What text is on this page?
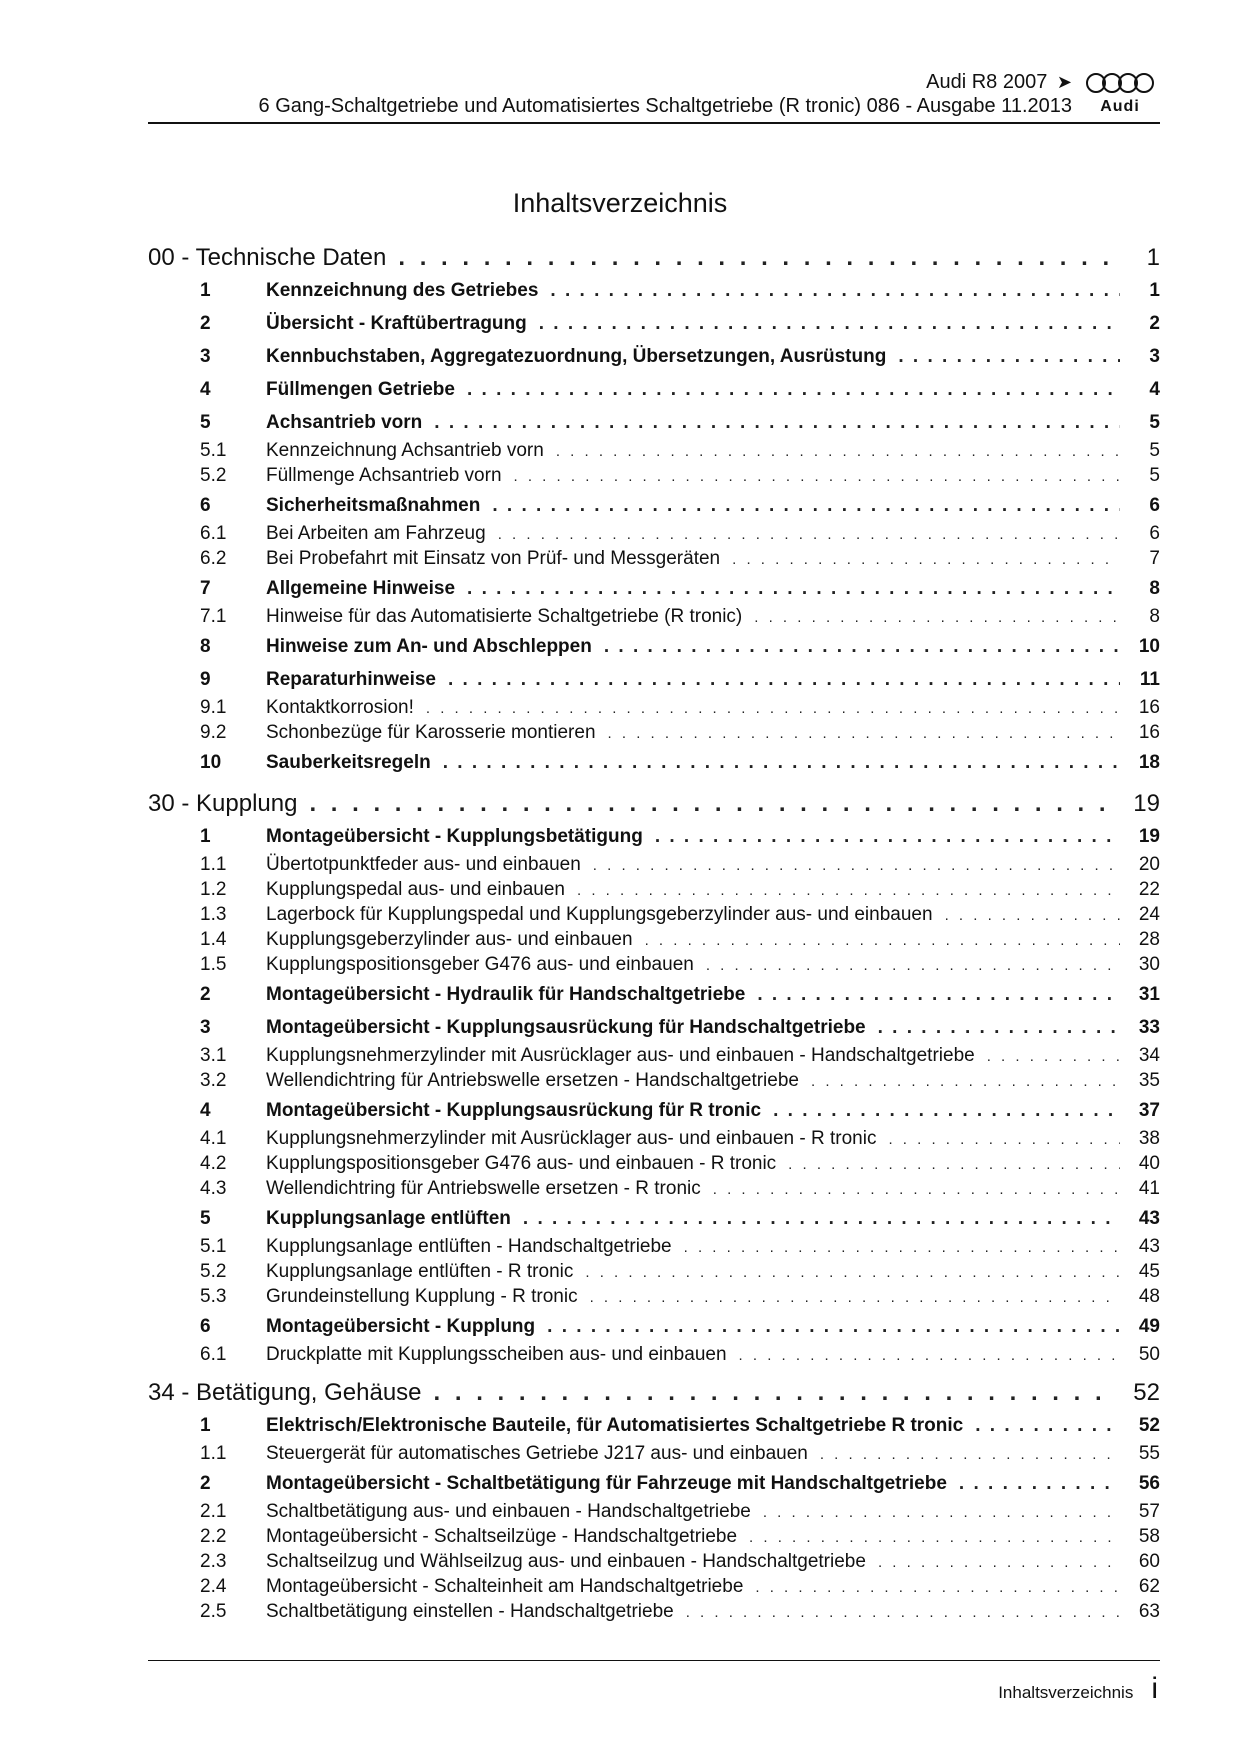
Audi R8 2007 ➤
6 Gang-Schaltgetriebe und Automatisiertes Schaltgetriebe (R tronic) 086 - Ausgabe 11.2013	Audi
Inhaltsverzeichnis
00 - Technische Daten . . .	1
1	Kennzeichnung des Getriebes . . .	1
2	Übersicht - Kraftübertragung . . .	2
3	Kennbuchstaben, Aggregatezuordnung, Übersetzungen, Ausrüstung . . .	3
4	Füllmengen Getriebe . . .	4
5	Achsantrieb vorn . . .	5
5.1 Kennzeichnung Achsantrieb vorn . . .	5
5.2 Füllmenge Achsantrieb vorn . . .	5
6	Sicherheitsmaßnahmen . . .	6
6.1 Bei Arbeiten am Fahrzeug . . .	6
6.2 Bei Probefahrt mit Einsatz von Prüf- und Messgeräten . . .	7
7	Allgemeine Hinweise . . .	8
7.1 Hinweise für das Automatisierte Schaltgetriebe (R tronic) . . .	8
8	Hinweise zum An- und Abschleppen . . .	10
9	Reparaturhinweise . . .	11
9.1 Kontaktkorrosion! . . .	16
9.2 Schonbezüge für Karosserie montieren . . .	16
10 Sauberkeitsregeln . . .	18
30 - Kupplung . . .	19
1	Montageübersicht - Kupplungsbetätigung . . .	19
1.1 Übertotpunktfeder aus- und einbauen . . .	20
1.2 Kupplungspedal aus- und einbauen . . .	22
1.3 Lagerbock für Kupplungspedal und Kupplungsgeberzylinder aus- und einbauen . . .	24
1.4 Kupplungsgeberzylinder aus- und einbauen . . .	28
1.5 Kupplungspositionsgeber G476 aus- und einbauen . . .	30
2	Montageübersicht - Hydraulik für Handschaltgetriebe . . .	31
3	Montageübersicht - Kupplungsausrückung für Handschaltgetriebe . . .	33
3.1 Kupplungsnehmerzylinder mit Ausrücklager aus- und einbauen - Handschaltgetriebe . . .	34
3.2 Wellendichtring für Antriebswelle ersetzen - Handschaltgetriebe . . .	35
4	Montageübersicht - Kupplungsausrückung für R tronic . . .	37
4.1 Kupplungsnehmerzylinder mit Ausrücklager aus- und einbauen - R tronic . . .	38
4.2 Kupplungspositionsgeber G476 aus- und einbauen - R tronic . . .	40
4.3 Wellendichtring für Antriebswelle ersetzen - R tronic . . .	41
5	Kupplungsanlage entlüften . . .	43
5.1 Kupplungsanlage entlüften - Handschaltgetriebe . . .	43
5.2 Kupplungsanlage entlüften - R tronic . . .	45
5.3 Grundeinstellung Kupplung - R tronic . . .	48
6	Montageübersicht - Kupplung . . .	49
6.1 Druckplatte mit Kupplungsscheiben aus- und einbauen . . .	50
34 - Betätigung, Gehäuse . . .	52
1	Elektrisch/Elektronische Bauteile, für Automatisiertes Schaltgetriebe R tronic . . .	52
1.1 Steuergerät für automatisches Getriebe J217 aus- und einbauen . . .	55
2	Montageübersicht - Schaltbetätigung für Fahrzeuge mit Handschaltgetriebe . . .	56
2.1 Schaltbetätigung aus- und einbauen - Handschaltgetriebe . . .	57
2.2 Montageübersicht - Schaltseilzüge - Handschaltgetriebe . . .	58
2.3 Schaltseilzug und Wählseilzug aus- und einbauen - Handschaltgetriebe . . .	60
2.4 Montageübersicht - Schalteinheit am Handschaltgetriebe . . .	62
2.5 Schaltbetätigung einstellen - Handschaltgetriebe . . .	63
Inhaltsverzeichnis i
